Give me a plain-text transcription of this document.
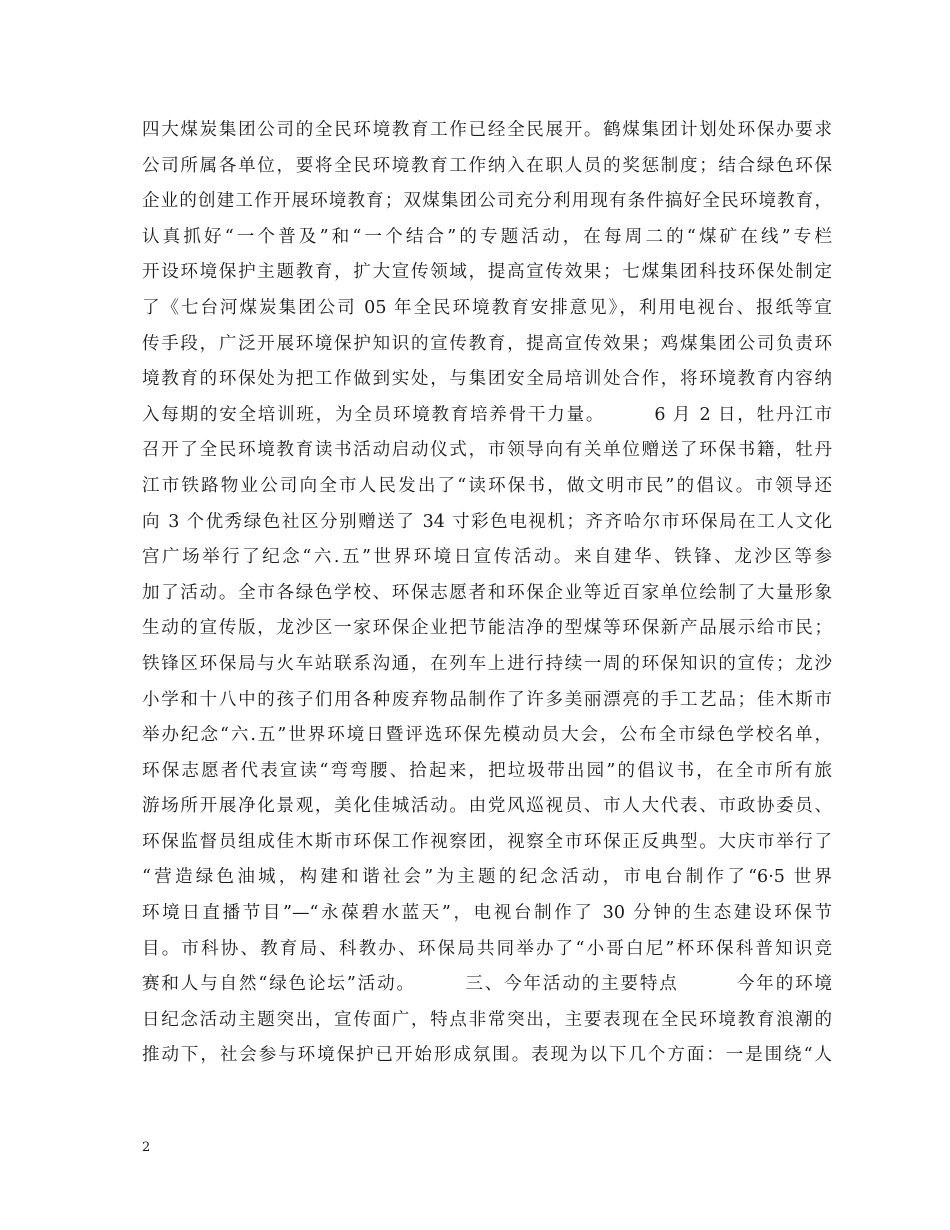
四大煤炭集团公司的全民环境教育工作已经全民展开。鹤煤集团计划处环保办要求
公司所属各单位，要将全民环境教育工作纳入在职人员的奖惩制度；结合绿色环保
企业的创建工作开展环境教育；双煤集团公司充分利用现有条件搞好全民环境教育，
认真抓好“一个普及”和“一个结合”的专题活动，在每周二的“煤矿在线”专栏
开设环境保护主题教育，扩大宣传领域，提高宣传效果；七煤集团科技环保处制定
了《七台河煤炭集团公司 05 年全民环境教育安排意见》，利用电视台、报纸等宣
传手段，广泛开展环境保护知识的宣传教育，提高宣传效果；鸡煤集团公司负责环
境教育的环保处为把工作做到实处，与集团安全局培训处合作，将环境教育内容纳
入每期的安全培训班，为全员环境教育培养骨干力量。　　　6 月 2 日，牡丹江市
召开了全民环境教育读书活动启动仪式，市领导向有关单位赠送了环保书籍，牡丹
江市铁路物业公司向全市人民发出了“读环保书，做文明市民”的倡议。市领导还
向 3 个优秀绿色社区分别赠送了 34 寸彩色电视机；齐齐哈尔市环保局在工人文化
宫广场举行了纪念“六.五”世界环境日宣传活动。来自建华、铁锋、龙沙区等参
加了活动。全市各绿色学校、环保志愿者和环保企业等近百家单位绘制了大量形象
生动的宣传版，龙沙区一家环保企业把节能洁净的型煤等环保新产品展示给市民；
铁锋区环保局与火车站联系沟通，在列车上进行持续一周的环保知识的宣传；龙沙
小学和十八中的孩子们用各种废弃物品制作了许多美丽漂亮的手工艺品；佳木斯市
举办纪念“六.五”世界环境日暨评选环保先模动员大会，公布全市绿色学校名单，
环保志愿者代表宣读“弯弯腰、拾起来，把垃圾带出园”的倡议书，在全市所有旅
游场所开展净化景观，美化佳城活动。由党风巡视员、市人大代表、市政协委员、
环保监督员组成佳木斯市环保工作视察团，视察全市环保正反典型。大庆市举行了
“营造绿色油城，构建和谐社会”为主题的纪念活动，市电台制作了“6·5 世界
环境日直播节目”—“永葆碧水蓝天”，电视台制作了 30 分钟的生态建设环保节
目。市科协、教育局、科教办、环保局共同举办了“小哥白尼”杯环保科普知识竞
赛和人与自然“绿色论坛”活动。　　　三、今年活动的主要特点　　　今年的环境
日纪念活动主题突出，宣传面广，特点非常突出，主要表现在全民环境教育浪潮的
推动下，社会参与环境保护已开始形成氛围。表现为以下几个方面：一是围绕“人
2
